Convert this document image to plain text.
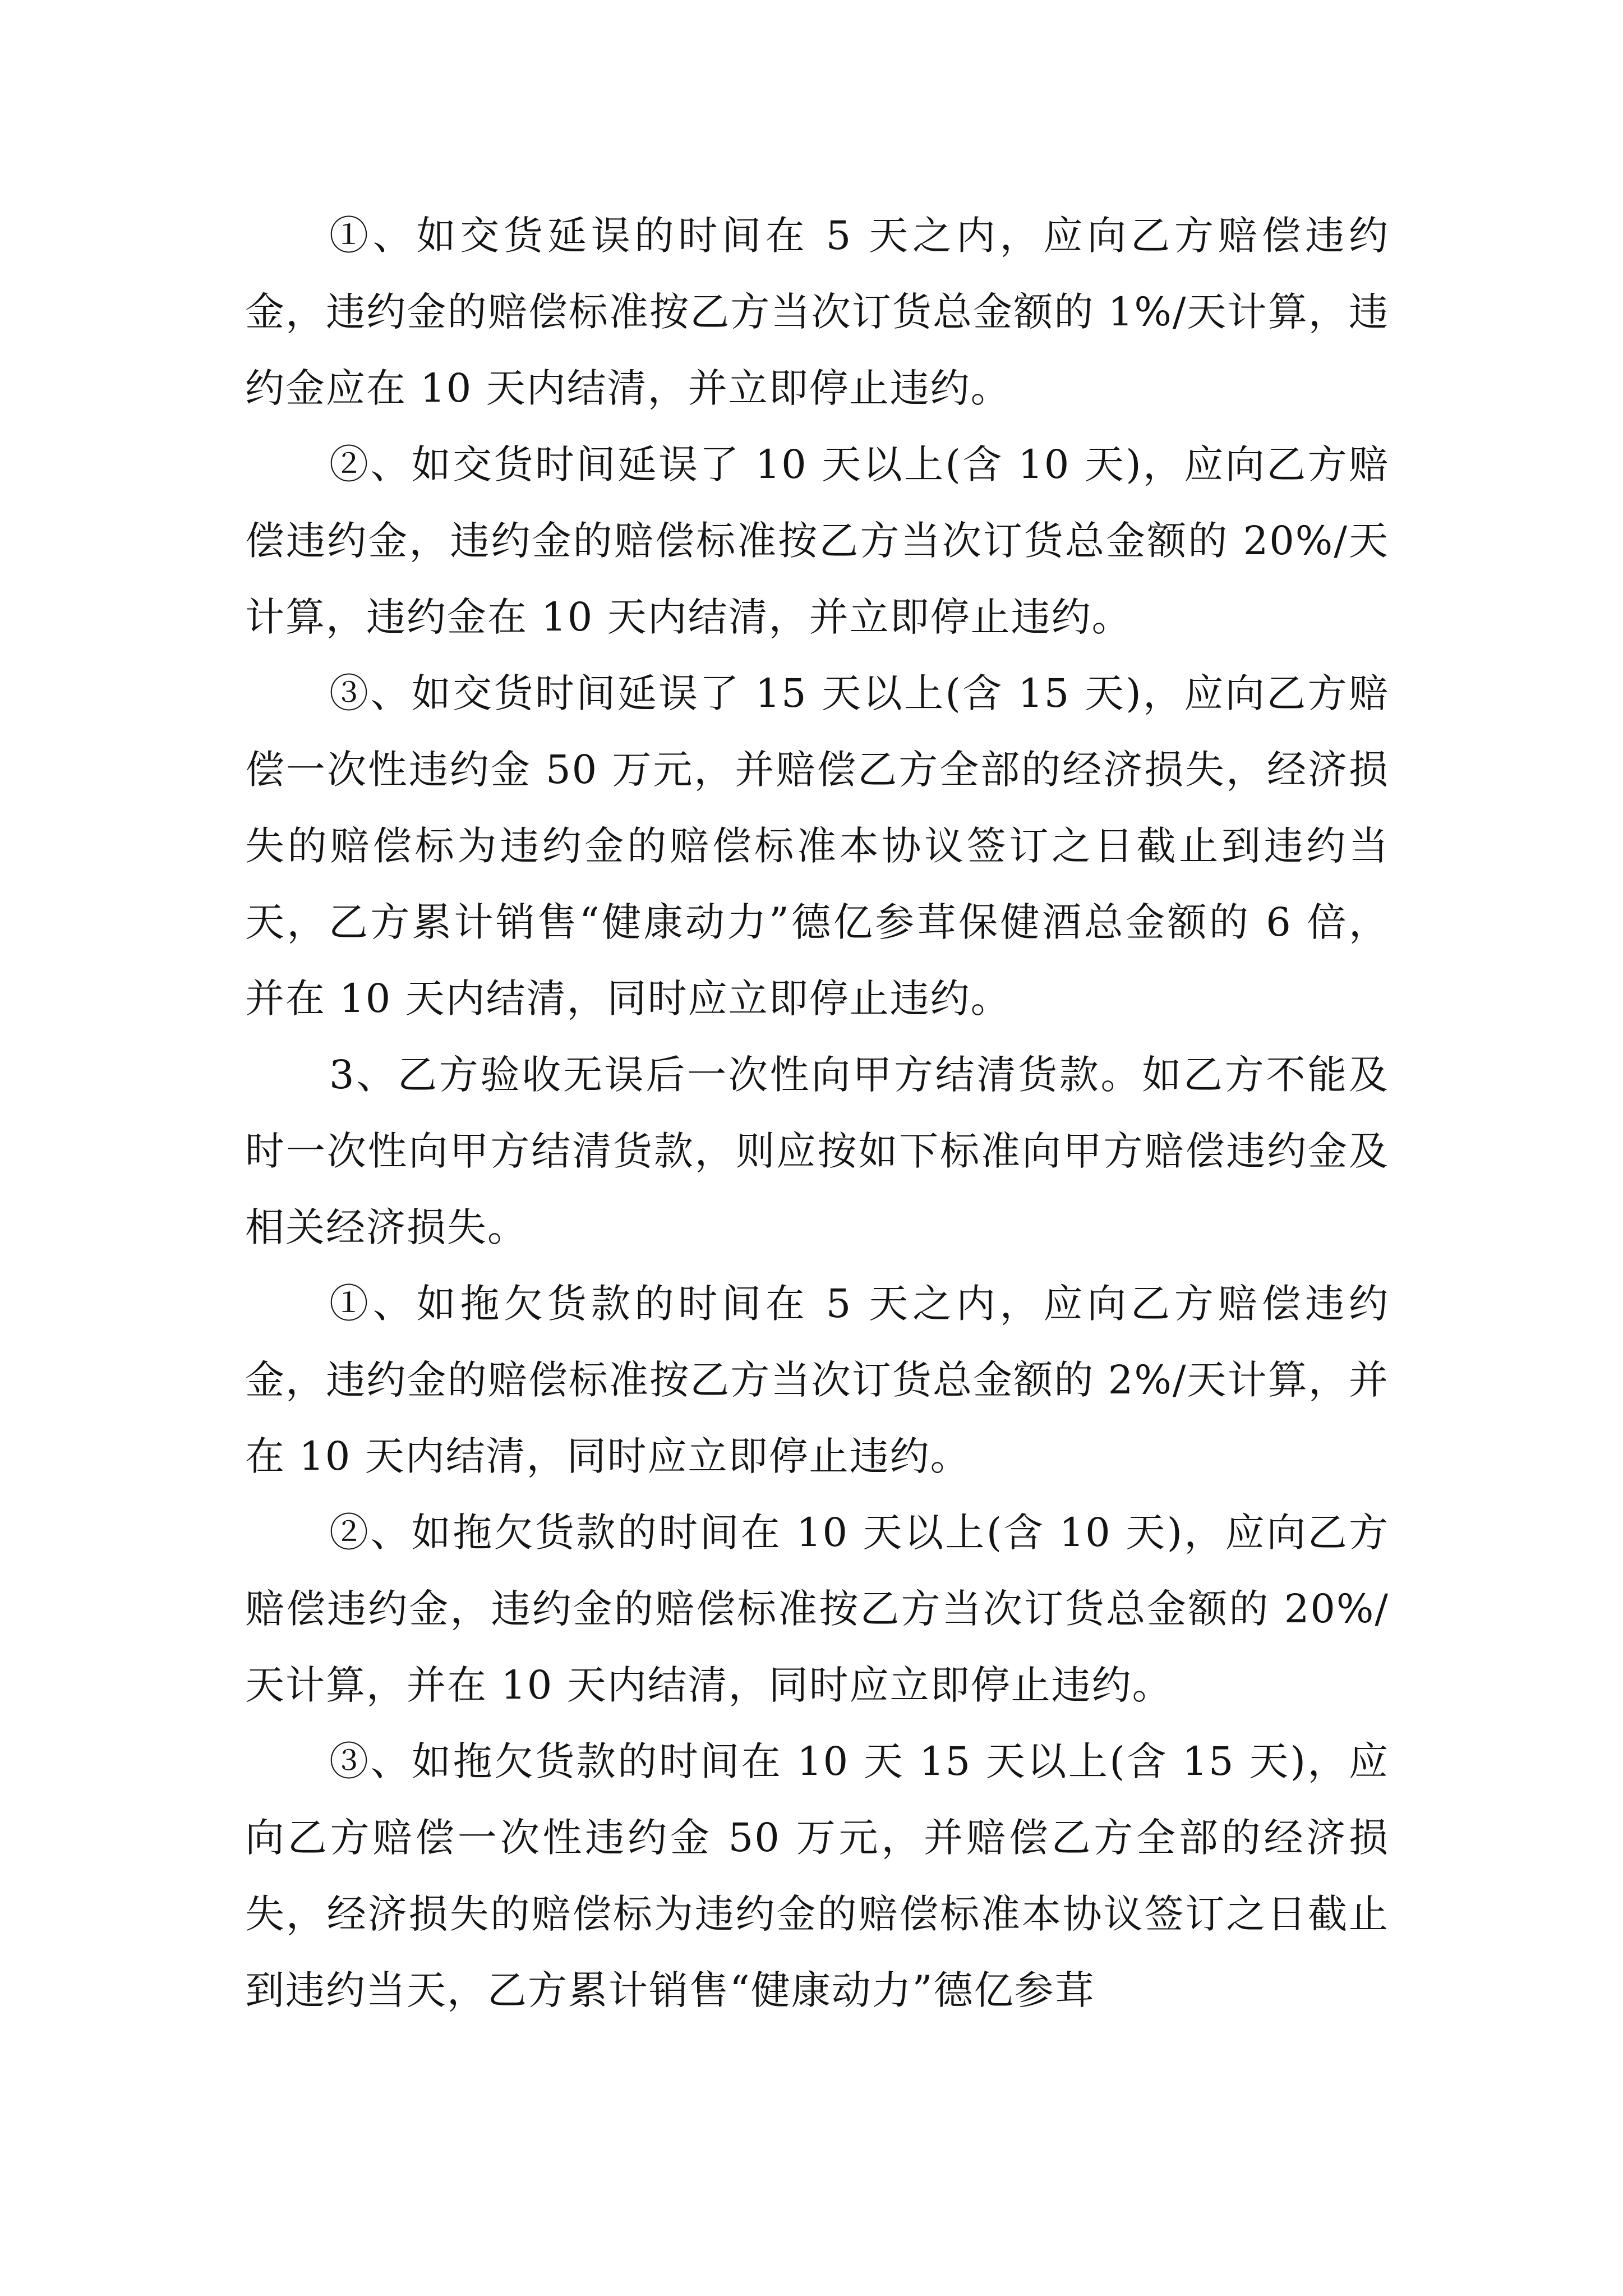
①、如交货延误的时间在 5 天之内，应向乙方赔偿违约金，违约金的赔偿标准按乙方当次订货总金额的 1%/天计算，违约金应在 10 天内结清，并立即停止违约。

②、如交货时间延误了 10 天以上(含 10 天)，应向乙方赔偿违约金，违约金的赔偿标准按乙方当次订货总金额的 20%/天计算，违约金在 10 天内结清，并立即停止违约。

③、如交货时间延误了 15 天以上(含 15 天)，应向乙方赔偿一次性违约金 50 万元，并赔偿乙方全部的经济损失，经济损失的赔偿标为违约金的赔偿标准本协议签订之日截止到违约当天，乙方累计销售“健康动力”德亿参茸保健酒总金额的 6 倍，并在 10 天内结清，同时应立即停止违约。

3、乙方验收无误后一次性向甲方结清货款。如乙方不能及时一次性向甲方结清货款，则应按如下标准向甲方赔偿违约金及相关经济损失。

①、如拖欠货款的时间在 5 天之内，应向乙方赔偿违约金，违约金的赔偿标准按乙方当次订货总金额的 2%/天计算，并在 10 天内结清，同时应立即停止违约。

②、如拖欠货款的时间在 10 天以上(含 10 天)，应向乙方赔偿违约金，违约金的赔偿标准按乙方当次订货总金额的 20%/天计算，并在 10 天内结清，同时应立即停止违约。

③、如拖欠货款的时间在 10 天 15 天以上(含 15 天)，应向乙方赔偿一次性违约金 50 万元，并赔偿乙方全部的经济损失，经济损失的赔偿标为违约金的赔偿标准本协议签订之日截止到违约当天，乙方累计销售“健康动力”德亿参茸
